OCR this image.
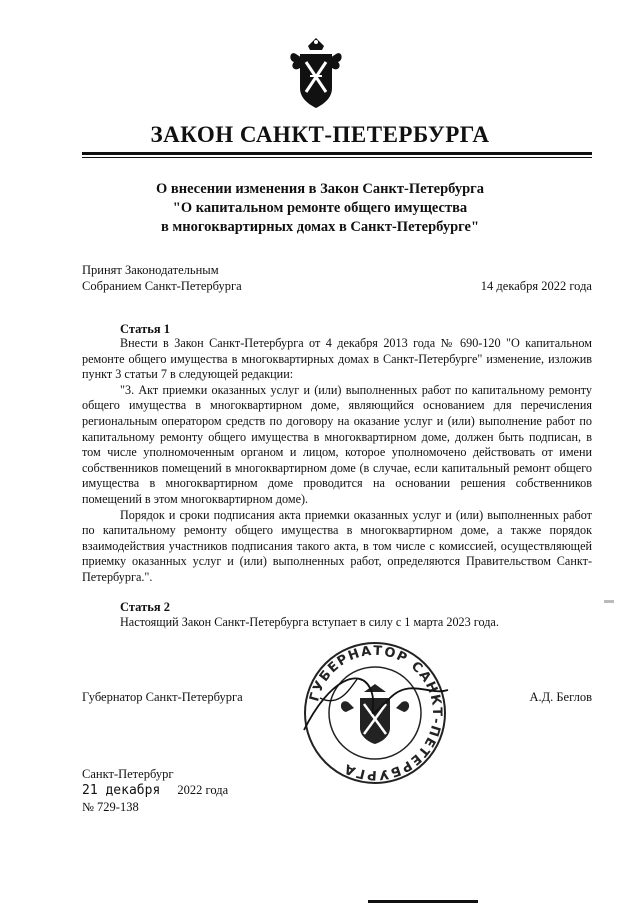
ЗАКОН САНКТ-ПЕТЕРБУРГА
О внесении изменения в Закон Санкт-Петербурга
"О капитальном ремонте общего имущества
в многоквартирных домах в Санкт-Петербурге"
Принят Законодательным
Собранием Санкт-Петербурга	14 декабря 2022 года
Статья 1

Внести в Закон Санкт-Петербурга от 4 декабря 2013 года № 690-120 "О капитальном ремонте общего имущества в многоквартирных домах в Санкт-Петербурге" изменение, изложив пункт 3 статьи 7 в следующей редакции:

"3. Акт приемки оказанных услуг и (или) выполненных работ по капитальному ремонту общего имущества в многоквартирном доме, являющийся основанием для перечисления региональным оператором средств по договору на оказание услуг и (или) выполнение работ по капитальному ремонту общего имущества в многоквартирном доме, должен быть подписан, в том числе уполномоченным органом и лицом, которое уполномочено действовать от имени собственников помещений в многоквартирном доме (в случае, если капитальный ремонт общего имущества в многоквартирном доме проводится на основании решения собственников помещений в этом многоквартирном доме).

Порядок и сроки подписания акта приемки оказанных услуг и (или) выполненных работ по капитальному ремонту общего имущества в многоквартирном доме, а также порядок взаимодействия участников подписания такого акта, в том числе с комиссией, осуществляющей приемку оказанных услуг и (или) выполненных работ, определяются Правительством Санкт-Петербурга.".

Статья 2

Настоящий Закон Санкт-Петербурга вступает в силу с 1 марта 2023 года.

Губернатор Санкт-Петербурга	А.Д. Беглов
ГУБЕРНАТОР САНКТ-ПЕТЕРБУРГА
Санкт-Петербург
21 декабря 2022 года
№ 729-138
